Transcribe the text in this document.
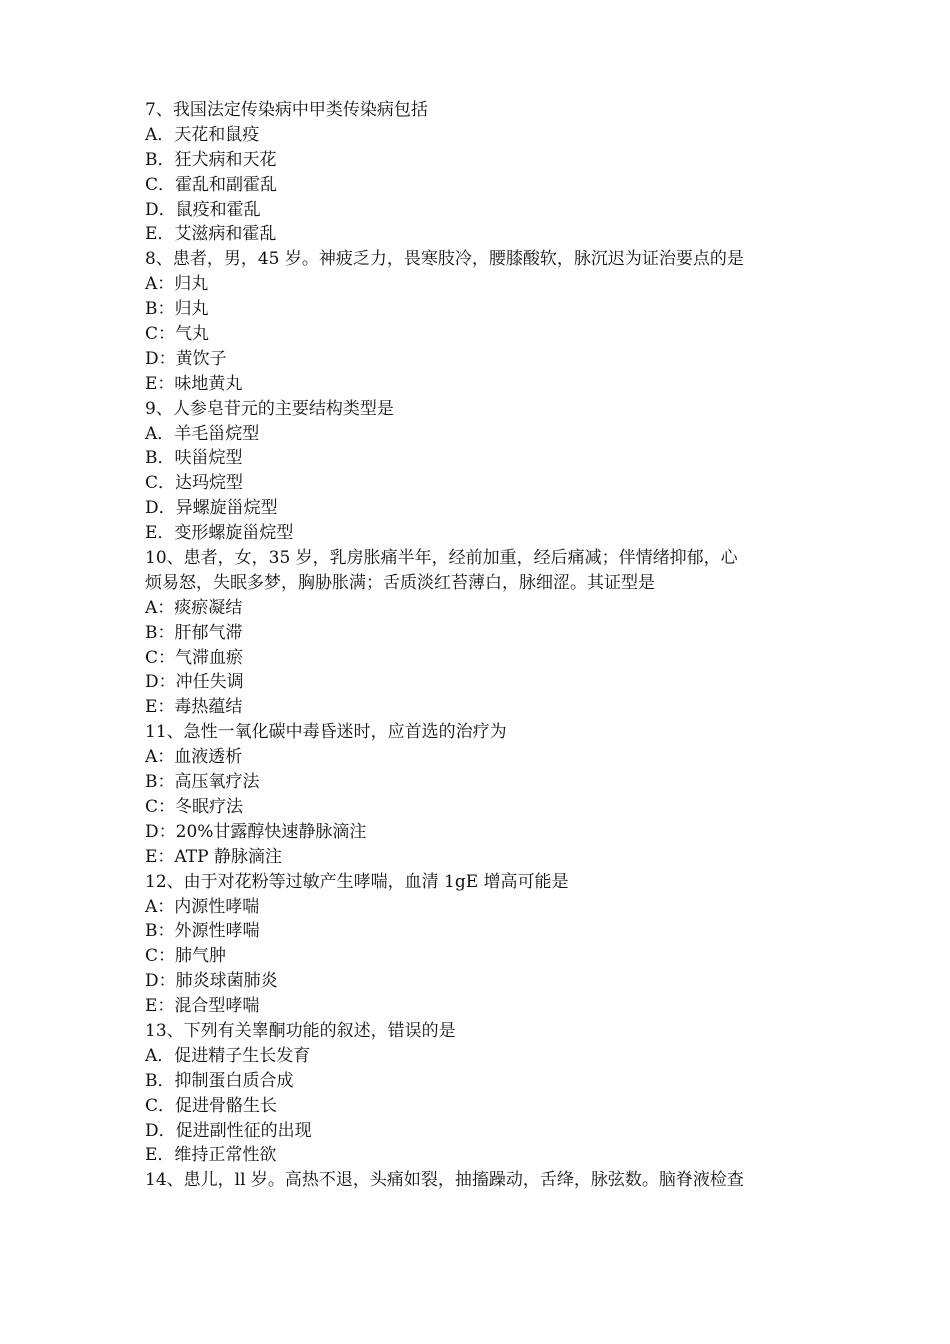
7、我国法定传染病中甲类传染病包括
A．天花和鼠疫
B．狂犬病和天花
C．霍乱和副霍乱
D．鼠疫和霍乱
E．艾滋病和霍乱
8、患者，男，45 岁。神疲乏力，畏寒肢冷，腰膝酸软，脉沉迟为证治要点的是
A：归丸
B：归丸
C：气丸
D：黄饮子
E：味地黄丸
9、人参皂苷元的主要结构类型是
A．羊毛甾烷型
B．呋甾烷型
C．达玛烷型
D．异螺旋甾烷型
E．变形螺旋甾烷型
10、患者，女，35 岁，乳房胀痛半年，经前加重，经后痛减；伴情绪抑郁，心
烦易怒，失眠多梦，胸胁胀满；舌质淡红苔薄白，脉细涩。其证型是
A：痰瘀凝结
B：肝郁气滞
C：气滞血瘀
D：冲任失调
E：毒热蕴结
11、急性一氧化碳中毒昏迷时，应首选的治疗为
A：血液透析
B：高压氧疗法
C：冬眠疗法
D：20%甘露醇快速静脉滴注
E：ATP 静脉滴注
12、由于对花粉等过敏产生哮喘，血清 1gE 增高可能是
A：内源性哮喘
B：外源性哮喘
C：肺气肿
D：肺炎球菌肺炎
E：混合型哮喘
13、下列有关睾酮功能的叙述，错误的是
A．促进精子生长发育
B．抑制蛋白质合成
C．促进骨骼生长
D．促进副性征的出现
E．维持正常性欲
14、患儿，ll 岁。高热不退，头痛如裂，抽搐躁动，舌绛，脉弦数。脑脊液检查
